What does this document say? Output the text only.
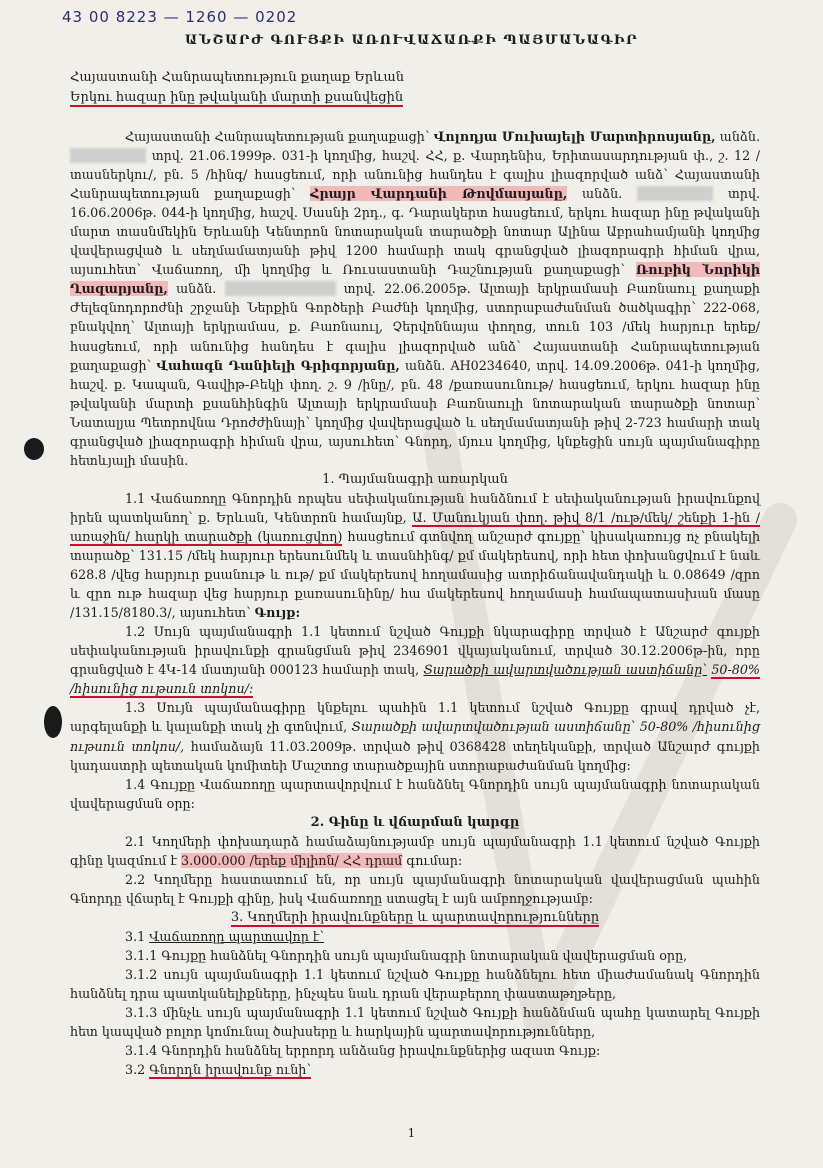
43 00 8223 — 1260 — 0202
ԱՆՇԱՐԺ ԳՈՒՅՔԻ ԱՌՈՒՎԱՃԱՌՔԻ ՊԱՅՄԱՆԱԳԻՐ
Հայաստանի Հանրապետություն քաղաք Երևան
Երկու հազար ինը թվականի մարտի քսանվեցին

Հայաստանի Հանրապետության քաղաքացի՝ Վոլոդյա Մուխայելի Մարտիրոսյանը, անձն. տրվ. 21.06.1999թ. 031-ի կողմից, հաշվ. ՀՀ, ք. Վարդենիս, Երիտասարդության փ., շ. 12 /տասներկու/, բն. 5 /հինգ/ հասցեում, որի անունից հանդես է գալիս լիազորված անձ՝ Հայաստանի Հանրապետության քաղաքացի՝ Հրայր Վարդանի Թովմասյանը, անձն.	տրվ. 16.06.2006թ. 044-ի կողմից, հաշվ. Սասնի 2րդ., գ. Դարակերտ հասցեում, երկու հազար ինը թվականի մարտ տասնմեկին Երևանի Կենտրոն նոտարական տարածքի նոտար Ալինա Աբրահամյանի կողմից վավերացված և սեղմամատյանի թիվ 1200 համարի տակ գրանցված լիազորագրի հիման վրա, այսուհետ՝ Վաճառող, մի կողմից և Ռուսաստանի Դաշնության քաղաքացի՝ Ռուբիկ Նորիկի Ղազարյանը, անձն.	տրվ. 22.06.2005թ. Ալտայի երկրամասի Բառնաուլ քաղաքի Ժելեզնոդորոժնի շրջանի Ներքին Գործերի Բաժնի կողմից, ստորաբաժանման ծածկագիր՝ 222-068, բնակվող՝ Ալտայի երկրամաս, ք. Բառնաուլ, Չերվոննայա փողոց, տուն 103 /մեկ հարյուր երեք/ հասցեում, որի անունից հանդես է գալիս լիազորված անձ՝ Հայաստանի Հանրապետության քաղաքացի՝ Վահագն Դանիելի Գրիգորյանը, անձն. AH0234640, տրվ. 14.09.2006թ. 041-ի կողմից, հաշվ. ք. Կապան, Գավիթ-Բեկի փող. շ. 9 /ինը/, բն. 48 /քառասունութ/ հասցեում, երկու հազար ինը թվականի մարտի քսանհինգին Ալտայի երկրամասի Բառնաուլի նոտարական տարածքի նոտար՝ Նատալյա Պետրովնա Դրոժժինայի՝ կողմից վավերացված և սեղմամատյանի թիվ 2-723 համարի տակ գրանցված լիազորագրի հիման վրա, այսուհետ՝ Գնորդ, մյուս կողմից, կնքեցին սույն պայմանագիրը հետևյալի մասին.

1. Պայմանագրի առարկան

1.1 Վաճառողը Գնորդին որպես սեփականության հանձնում է սեփականության իրավունքով իրեն պատկանող՝ ք. Երևան, Կենտրոն համայնք, Ա. Մանուկյան փող. թիվ 8/1 /ութ/մեկ/ շենքի 1-ին /առաջին/ հարկի տարածքի (կառուցվող) հասցեում գտնվող անշարժ գույքը՝ կիսակառույց ոչ բնակելի տարածք՝ 131.15 /մեկ հարյուր երեսունմեկ և տասնհինգ/ քմ մակերեսով, որի հետ փոխանցվում է նաև 628.8 /վեց հարյուր քսանութ և ութ/ քմ մակերեսով հողամասից ատրիճանավանդակի և 0.08649 /զրո և զրո ութ հազար վեց հարյուր քառասունինը/ հա մակերեսով հողամասի համապատասխան մասը /131.15/8180.3/, այսուհետ՝ Գույք:

1.2 Սույն պայմանագրի 1.1 կետում նշված Գույքի նկարագիրը տրված է Անշարժ գույքի սեփականության իրավունքի գրանցման թիվ 2346901 վկայականում, տրված 30.12.2006թ-ին, որը գրանցված է 4Կ-14 մատյանի 000123 համարի տակ, Տարածքի ավարտվածության աստիճանը՝ 50-80% /հիսունից ութսուն տոկոս/:

1.3 Սույն պայմանագիրը կնքելու պահին 1.1 կետում նշված Գույքը գրավ դրված չէ, արգելանքի և կալանքի տակ չի գտնվում, Տարածքի ավարտվածության աստիճանը՝ 50-80% /հիսունից ութսուն տոկոս/, համաձայն 11.03.2009թ. տրված թիվ 0368428 տեղեկանքի, տրված Անշարժ գույքի կադաստրի պետական կոմիտեի Մաշտոց տարածքային ստորաբաժանման կողմից:

1.4 Գույքը Վաճառողը պարտավորվում է հանձնել Գնորդին սույն պայմանագրի նոտարական վավերացման օրը:

2. Գինը և վճարման կարգը

2.1 Կողմերի փոխադարձ համաձայնությամբ սույն պայմանագրի 1.1 կետում նշված Գույքի գինը կազմում է 3.000.000 /երեք միլիոն/ ՀՀ դրամ գումար:

2.2 Կողմերը հաստատում են, որ սույն պայմանագրի նոտարական վավերացման պահին Գնորդը վճարել է Գույքի գինը, իսկ Վաճառողը ստացել է այն ամբողջությամբ:

3. Կողմերի իրավունքները և պարտավորությունները

3.1 Վաճառողը պարտավոր է՝

3.1.1 Գույքը հանձնել Գնորդին սույն պայմանագրի նոտարական վավերացման օրը,

3.1.2 սույն պայմանագրի 1.1 կետում նշված Գույքը հանձնելու հետ միաժամանակ Գնորդին հանձնել դրա պատկանելիքները, ինչպես նաև դրան վերաբերող փաստաթղթերը,

3.1.3 մինչև սույն պայմանագրի 1.1 կետում նշված Գույքի հանձնման պահը կատարել Գույքի հետ կապված բոլոր կոմունալ ծախսերը և հարկային պարտավորությունները,

3.1.4 Գնորդին հանձնել երրորդ անձանց իրավունքներից ազատ Գույք:

3.2 Գնորդն իրավունք ունի՝

1
